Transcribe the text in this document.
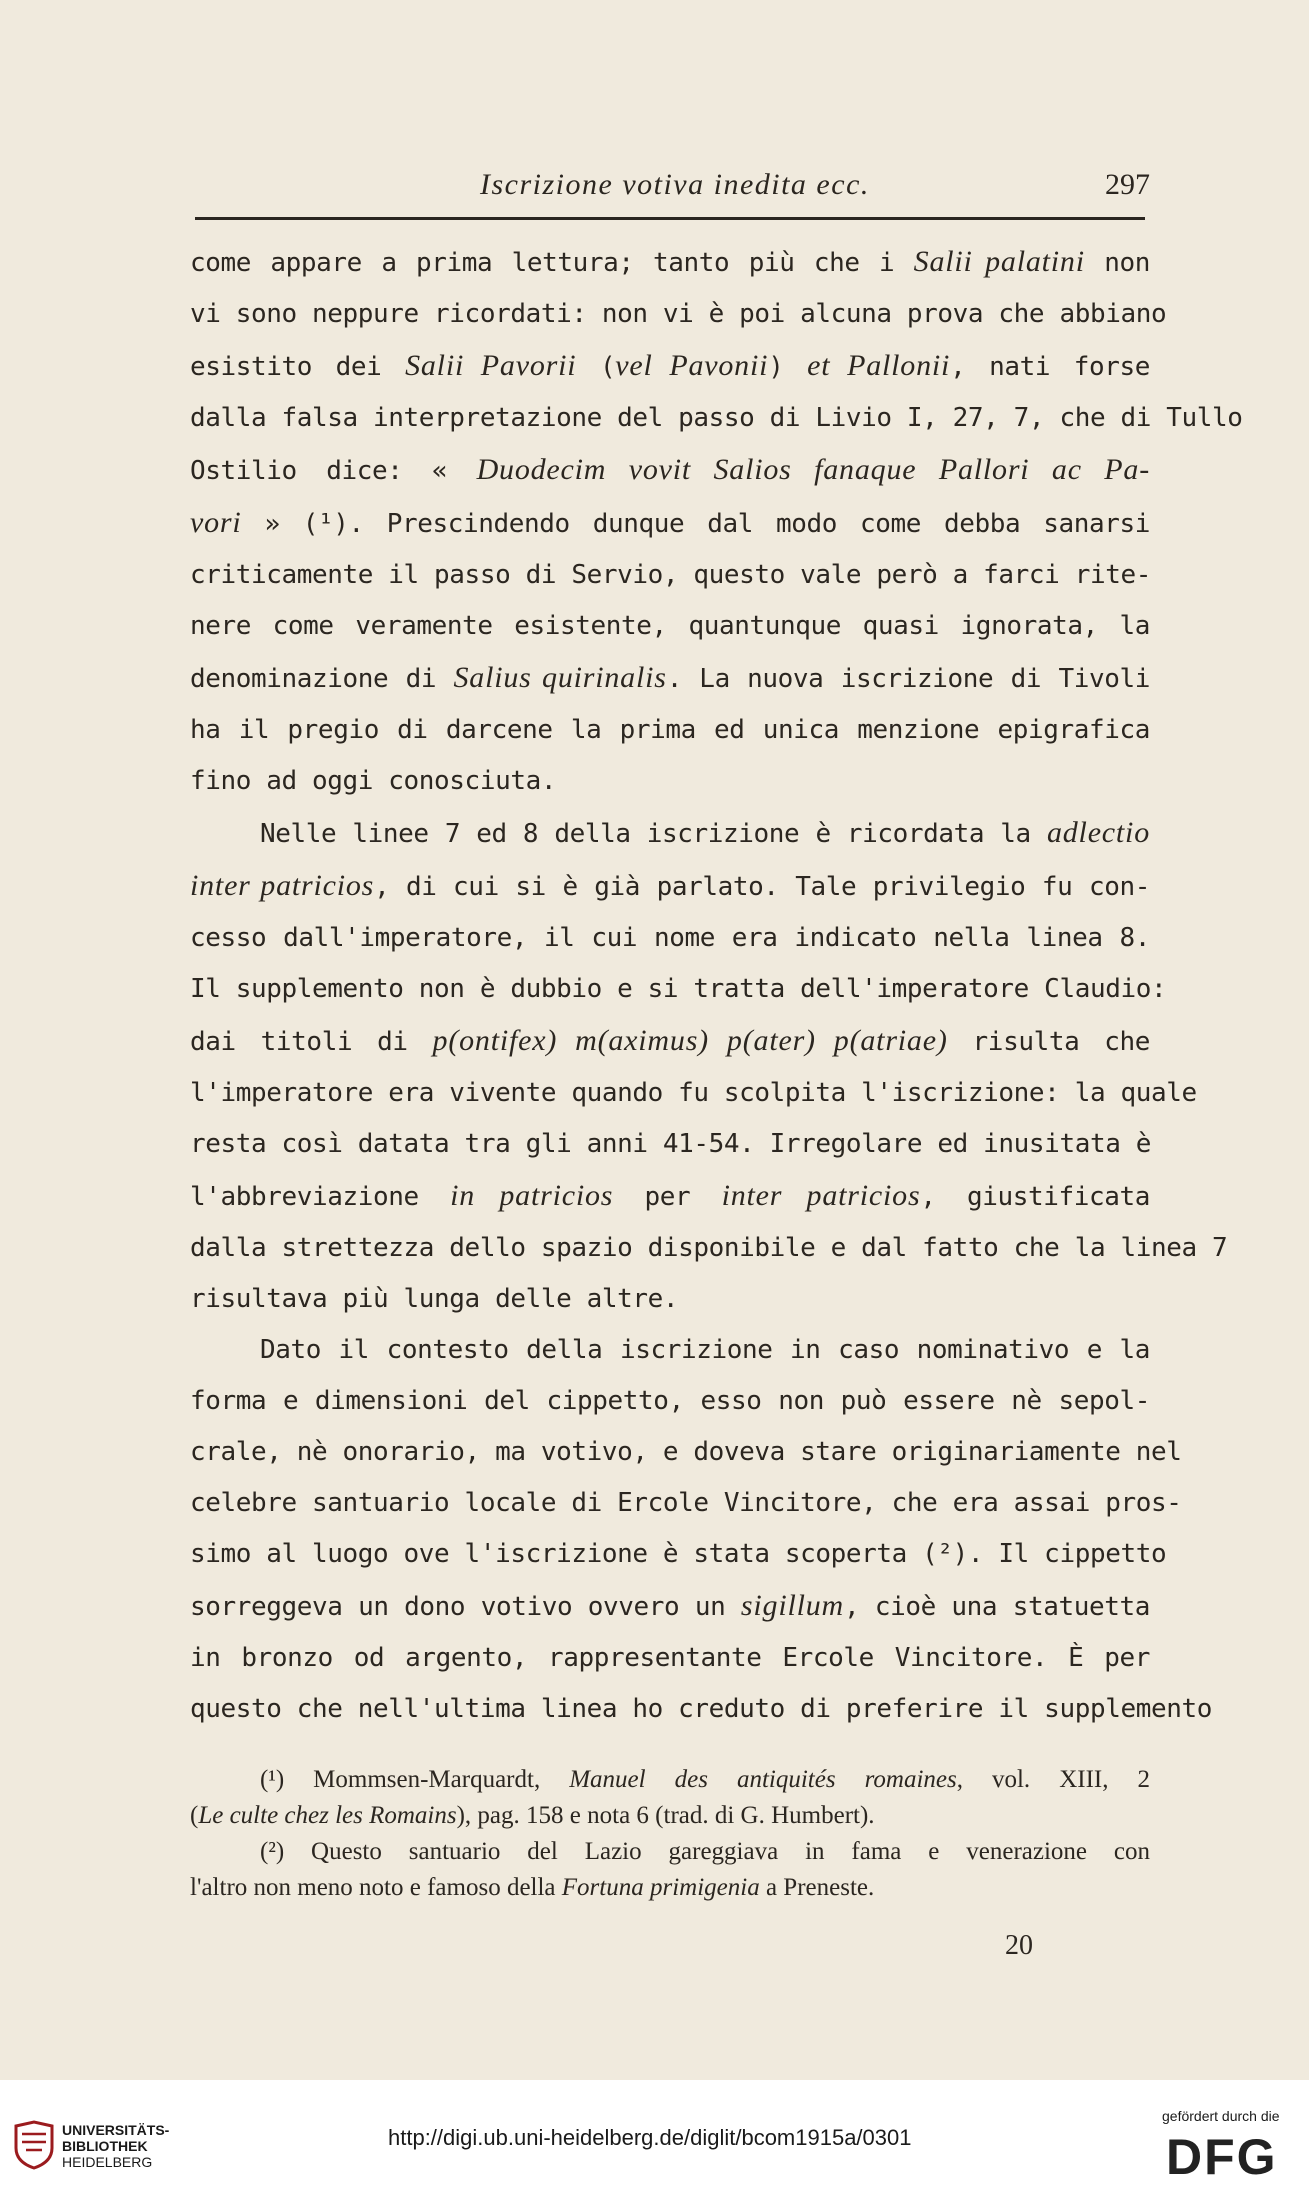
Iscrizione votiva inedita ecc.	297
come appare a prima lettura; tanto più che i Salii palatini non
vi sono neppure ricordati: non vi è poi alcuna prova che abbiano
esistito dei Salii Pavorii (vel Pavonii) et Pallonii, nati forse
dalla falsa interpretazione del passo di Livio I, 27, 7, che di Tullo
Ostilio dice: « Duodecim vovit Salios fanaque Pallori ac Pa-
vori » (¹). Prescindendo dunque dal modo come debba sanarsi
criticamente il passo di Servio, questo vale però a farci rite-
nere come veramente esistente, quantunque quasi ignorata, la
denominazione di Salius quirinalis. La nuova iscrizione di Tivoli
ha il pregio di darcene la prima ed unica menzione epigrafica
fino ad oggi conosciuta.
Nelle linee 7 ed 8 della iscrizione è ricordata la adlectio
inter patricios, di cui si è già parlato. Tale privilegio fu con-
cesso dall'imperatore, il cui nome era indicato nella linea 8.
Il supplemento non è dubbio e si tratta dell'imperatore Claudio:
dai titoli di p(ontifex) m(aximus) p(ater) p(atriae) risulta che
l'imperatore era vivente quando fu scolpita l'iscrizione: la quale
resta così datata tra gli anni 41-54. Irregolare ed inusitata è
l'abbreviazione in patricios per inter patricios, giustificata
dalla strettezza dello spazio disponibile e dal fatto che la linea 7
risultava più lunga delle altre.
Dato il contesto della iscrizione in caso nominativo e la
forma e dimensioni del cippetto, esso non può essere nè sepol-
crale, nè onorario, ma votivo, e doveva stare originariamente nel
celebre santuario locale di Ercole Vincitore, che era assai pros-
simo al luogo ove l'iscrizione è stata scoperta (²). Il cippetto
sorreggeva un dono votivo ovvero un sigillum, cioè una statuetta
in bronzo od argento, rappresentante Ercole Vincitore. È per
questo che nell'ultima linea ho creduto di preferire il supplemento
(¹) Mommsen-Marquardt, Manuel des antiquités romaines, vol. XIII, 2
(Le culte chez les Romains), pag. 158 e nota 6 (trad. di G. Humbert).
(²) Questo santuario del Lazio gareggiava in fama e venerazione con
l'altro non meno noto e famoso della Fortuna primigenia a Preneste.
20
UNIVERSITÄTS-
BIBLIOTHEK
HEIDELBERG
http://digi.ub.uni-heidelberg.de/diglit/bcom1915a/0301
gefördert durch die
DFG
